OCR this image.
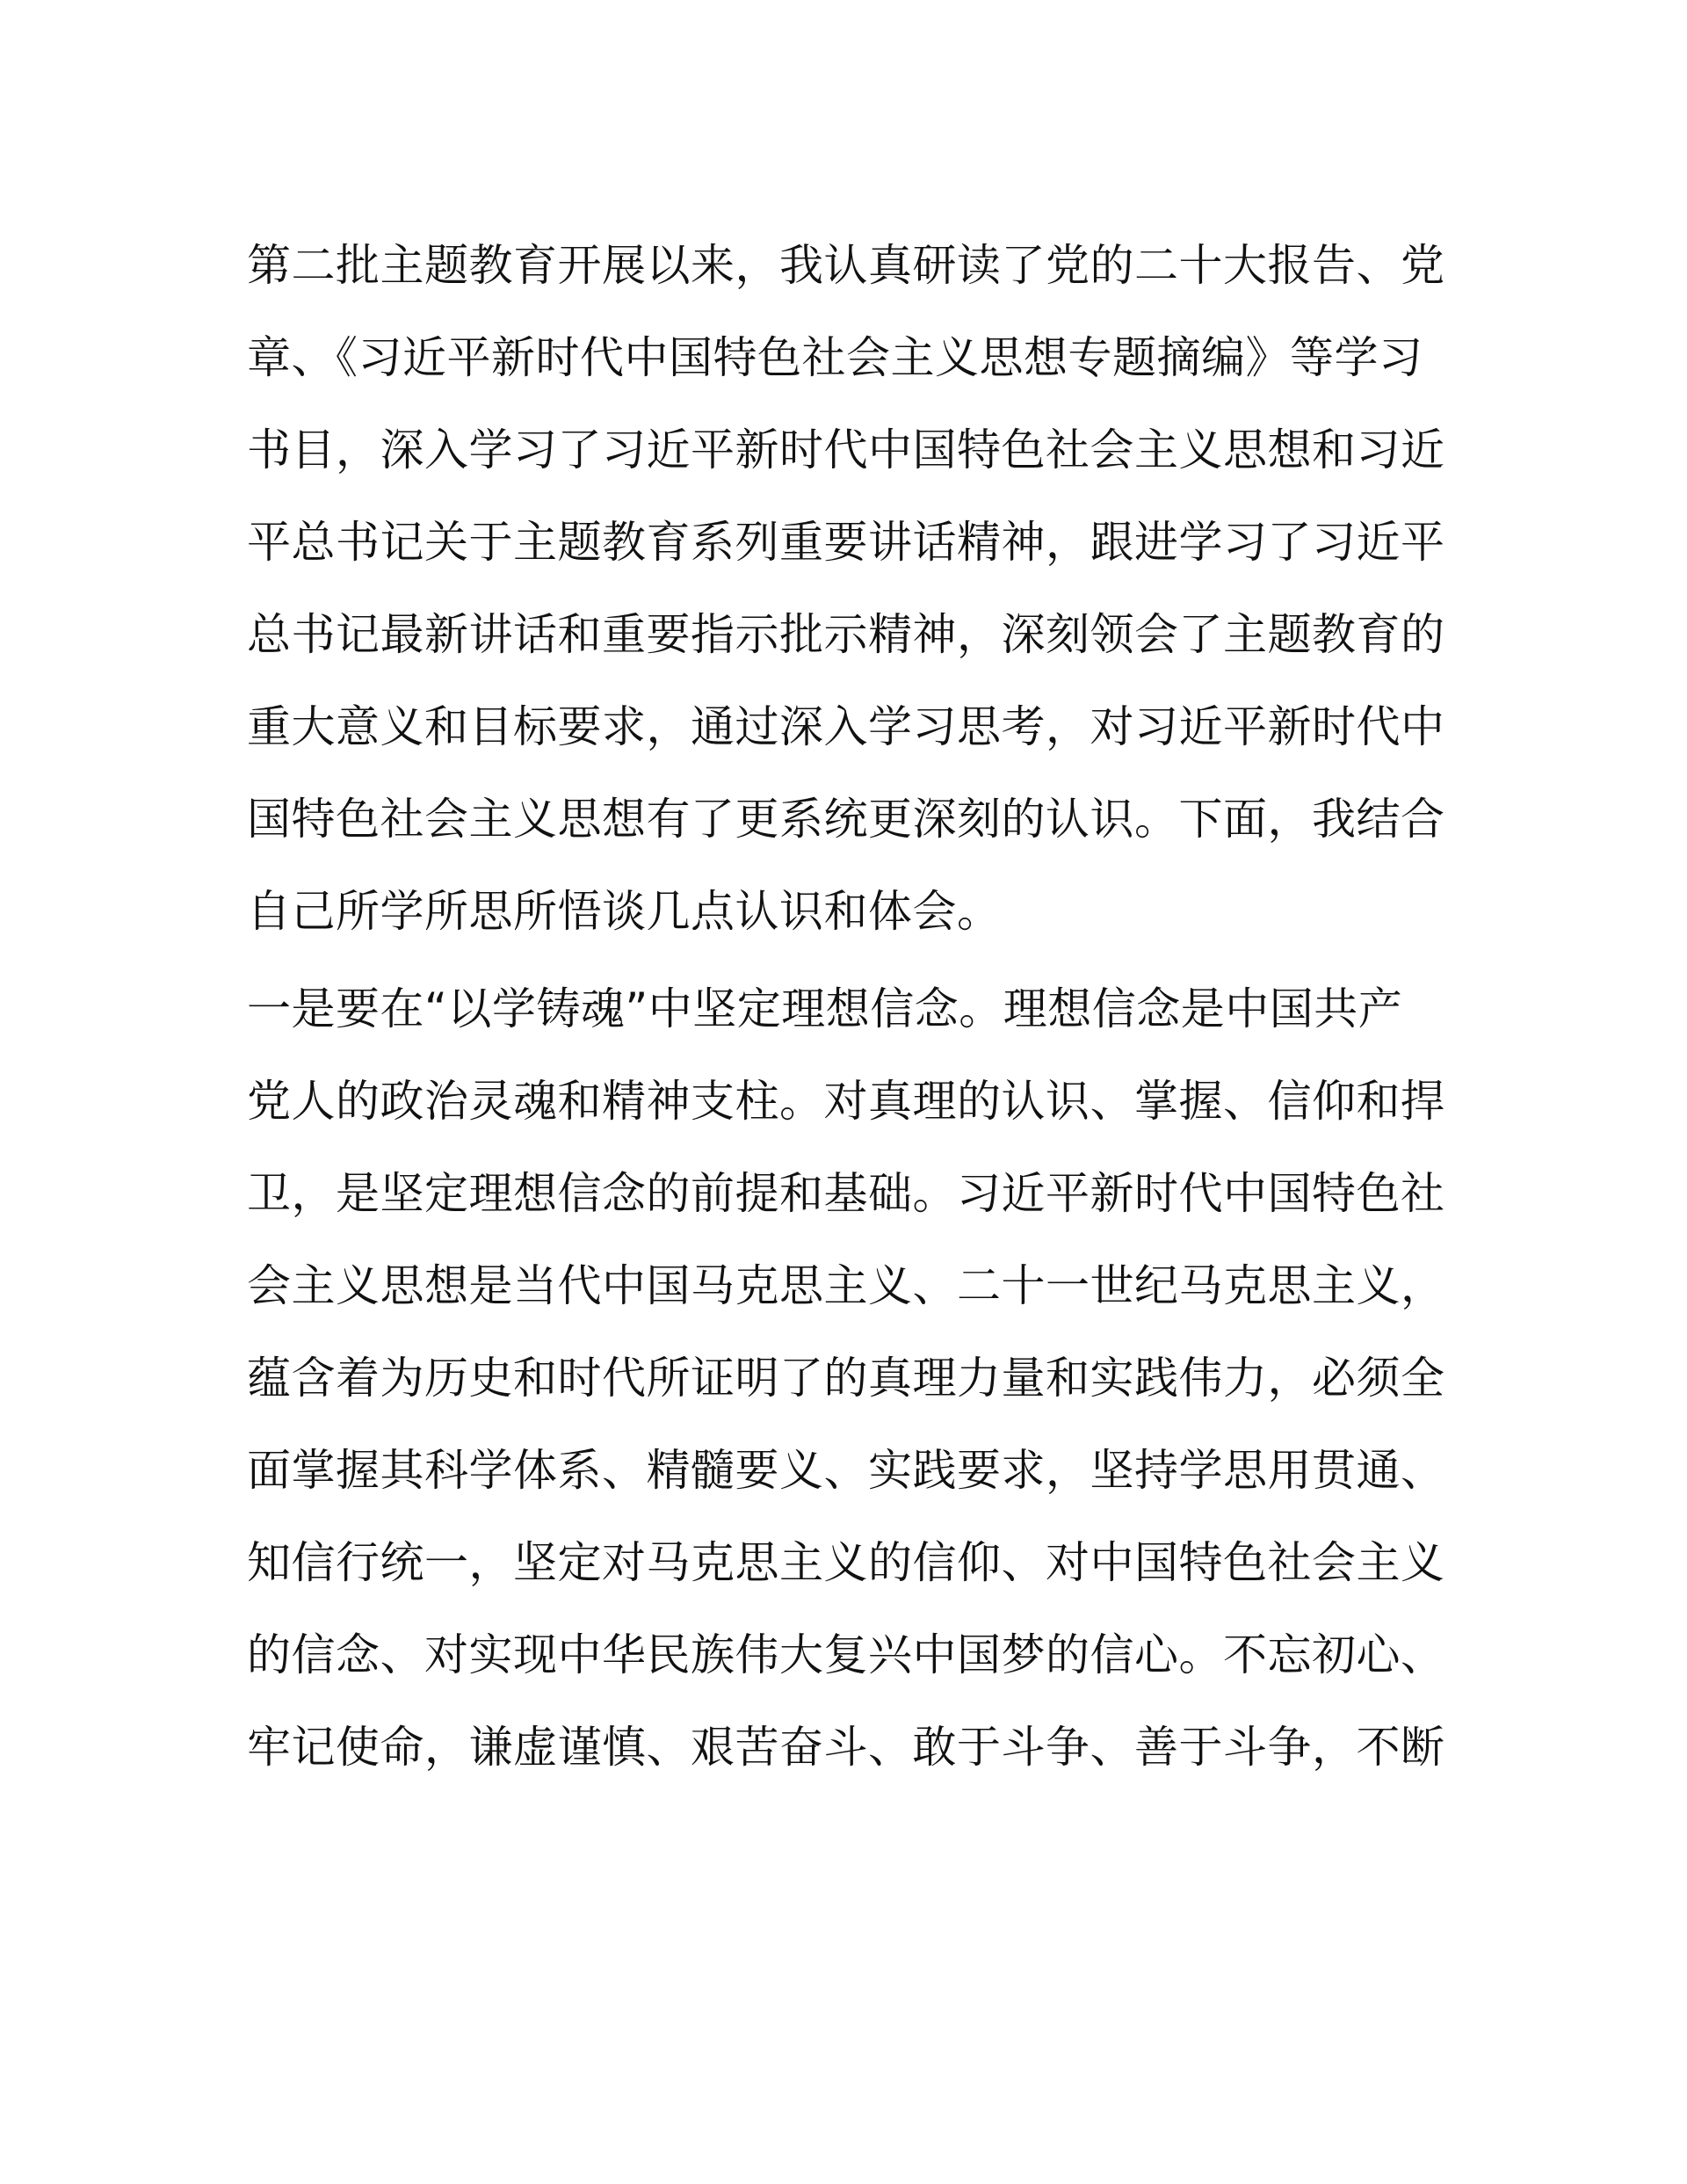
第二批主题教育开展以来，我认真研读了党的二十大报告、党
章、《习近平新时代中国特色社会主义思想专题摘编》等学习
书目，深入学习了习近平新时代中国特色社会主义思想和习近
平总书记关于主题教育系列重要讲话精神，跟进学习了习近平
总书记最新讲话和重要指示批示精神，深刻领会了主题教育的
重大意义和目标要求，通过深入学习思考，对习近平新时代中
国特色社会主义思想有了更系统更深刻的认识。下面，我结合
自己所学所思所悟谈几点认识和体会。
一是要在“以学铸魂”中坚定理想信念。理想信念是中国共产
党人的政治灵魂和精神支柱。对真理的认识、掌握、信仰和捍
卫，是坚定理想信念的前提和基础。习近平新时代中国特色社
会主义思想是当代中国马克思主义、二十一世纪马克思主义，
蕴含着为历史和时代所证明了的真理力量和实践伟力，必须全
面掌握其科学体系、精髓要义、实践要求，坚持学思用贯通、
知信行统一，坚定对马克思主义的信仰、对中国特色社会主义
的信念、对实现中华民族伟大复兴中国梦的信心。不忘初心、
牢记使命，谦虚谨慎、艰苦奋斗、敢于斗争、善于斗争，不断
